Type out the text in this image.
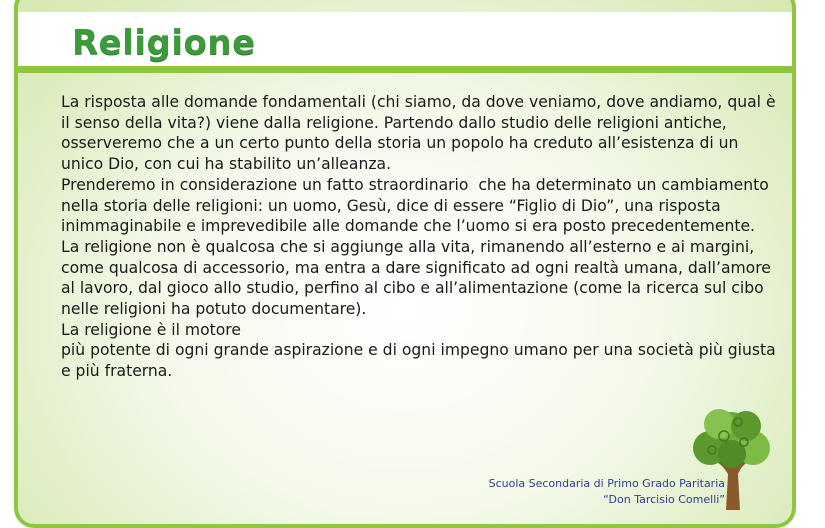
Religione
La risposta alle domande fondamentali (chi siamo, da dove veniamo, dove andiamo, qual è il senso della vita?) viene dalla religione. Partendo dallo studio delle religioni antiche, osserveremo che a un certo punto della storia un popolo ha creduto all’esistenza di un unico Dio, con cui ha stabilito un’alleanza.
Prenderemo in considerazione un fatto straordinario  che ha determinato un cambiamento nella storia delle religioni: un uomo, Gesù, dice di essere “Figlio di Dio”, una risposta inimmaginabile e imprevedibile alle domande che l’uomo si era posto precedentemente.
La religione non è qualcosa che si aggiunge alla vita, rimanendo all’esterno e ai margini, come qualcosa di accessorio, ma entra a dare significato ad ogni realtà umana, dall’amore al lavoro, dal gioco allo studio, perfino al cibo e all’alimentazione (come la ricerca sul cibo nelle religioni ha potuto documentare).
La religione è il motore
più potente di ogni grande aspirazione e di ogni impegno umano per una società più giusta e più fraterna.
Scuola Secondaria di Primo Grado Paritaria
“Don Tarcisio Comelli”
